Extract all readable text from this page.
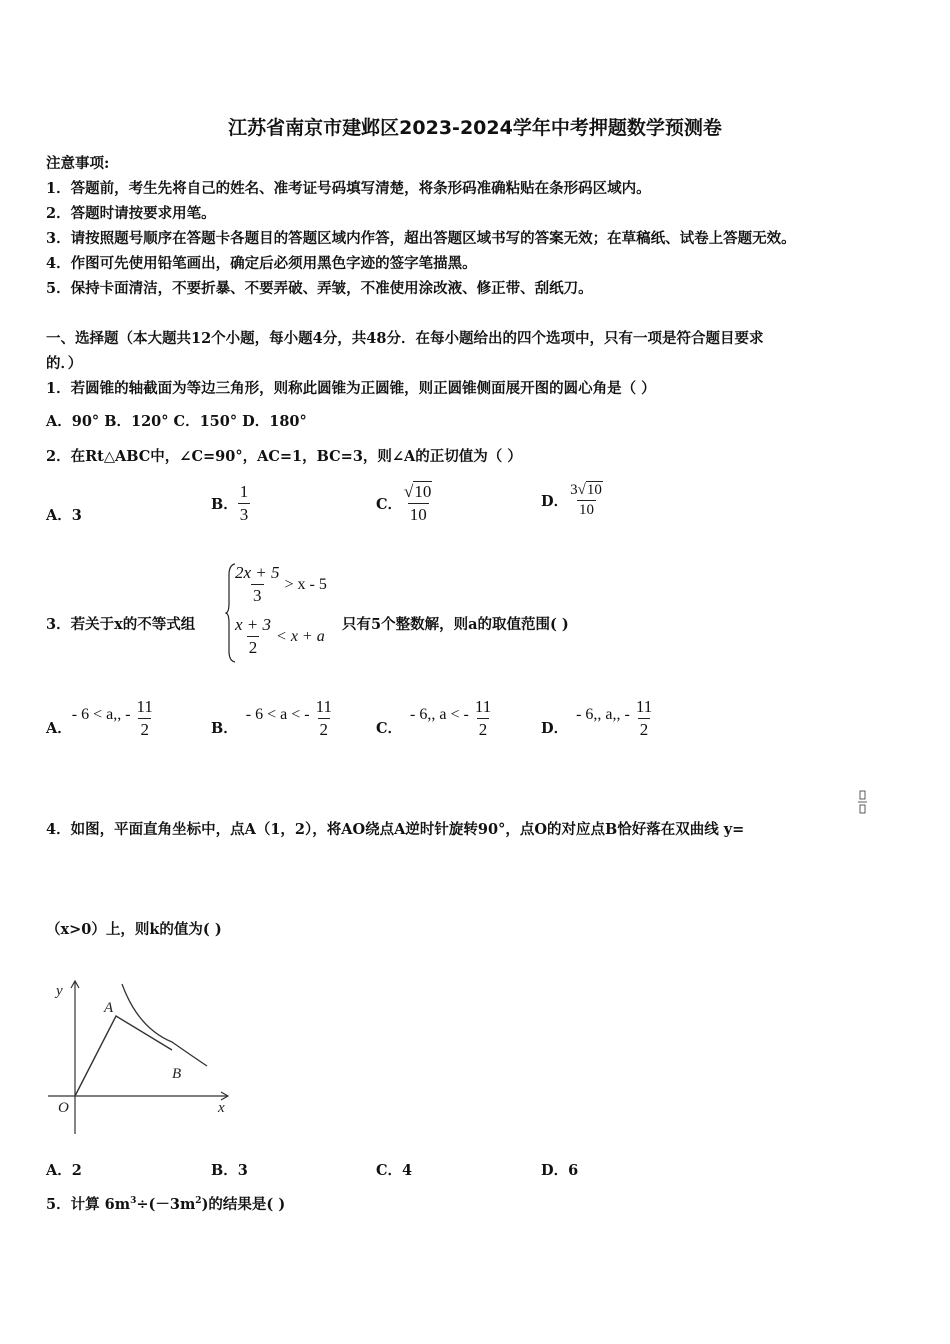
江苏省南京市建邺区2023-2024学年中考押题数学预测卷
注意事项:
1．答题前，考生先将自己的姓名、准考证号码填写清楚，将条形码准确粘贴在条形码区域内。
2．答题时请按要求用笔。
3．请按照题号顺序在答题卡各题目的答题区域内作答，超出答题区域书写的答案无效；在草稿纸、试卷上答题无效。
4．作图可先使用铅笔画出，确定后必须用黑色字迹的签字笔描黑。
5．保持卡面清洁，不要折暴、不要弄破、弄皱，不准使用涂改液、修正带、刮纸刀。
一、选择题（本大题共12个小题，每小题4分，共48分．在每小题给出的四个选项中，只有一项是符合题目要求
的．）
1．若圆锥的轴截面为等边三角形，则称此圆锥为正圆锥，则正圆锥侧面展开图的圆心角是（ ）
A．90° B．120° C．150° D．180°
2．在Rt△ABC中，∠C=90°，AC=1，BC=3，则∠A的正切值为（ ）
A．3
B． $\frac{1}{3}$	C． $\frac{√10}{10}$	D． $\frac{3√10}{10}$
3．若关于x的不等式组
$\frac{2x + 5}{3} > x - 5$
$\frac{x + 3}{2} < x + a$
只有5个整数解，则a的取值范围( )
A．
- 6 < a,, - $\frac{11}{2}$	B．
- 6 < a < - $\frac{11}{2}$	C．
- 6,, a < - $\frac{11}{2}$	D．
- 6,, a,, - $\frac{11}{2}$
4．如图，平面直角坐标中，点A（1，2），将AO绕点A逆时针旋转90°，点O的对应点B恰好落在双曲线 y=
（x>0）上，则k的值为( )
y
x
O
A
B
A．2	B．3	C．4	D．6
5．计算 $6m^3\div(-3m^2)$的结果是( )
